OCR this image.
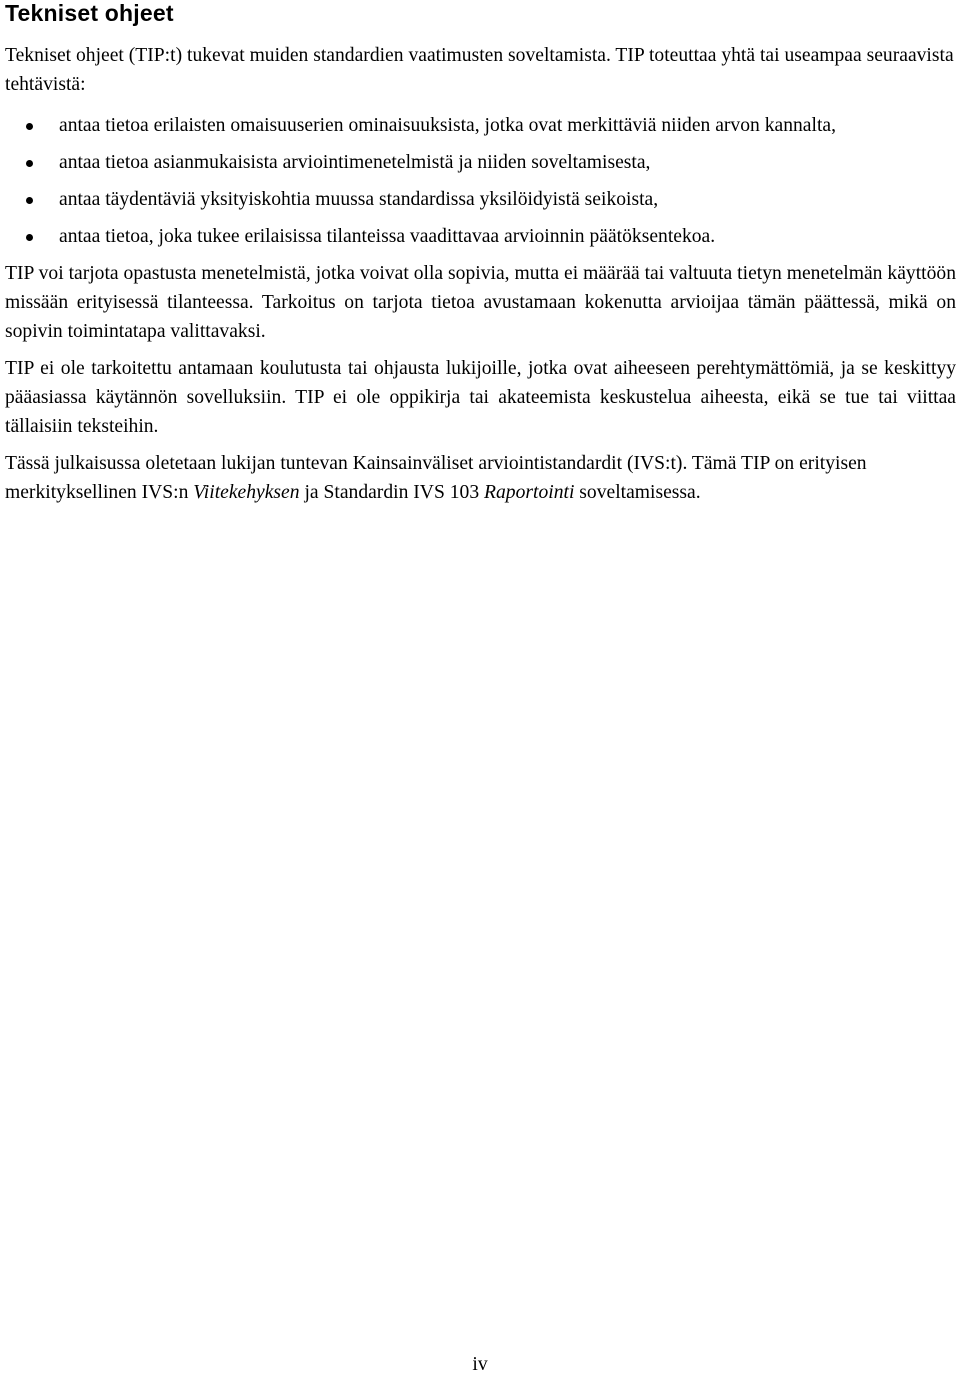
Tekniset ohjeet

Tekniset ohjeet (TIP:t) tukevat muiden standardien vaatimusten soveltamista. TIP toteuttaa yhtä tai useampaa seuraavista tehtävistä:

antaa tietoa erilaisten omaisuuserien ominaisuuksista, jotka ovat merkittäviä niiden arvon kannalta,
antaa tietoa asianmukaisista arviointimenetelmistä ja niiden soveltamisesta,
antaa täydentäviä yksityiskohtia muussa standardissa yksilöidyistä seikoista,
antaa tietoa, joka tukee erilaisissa tilanteissa vaadittavaa arvioinnin päätöksentekoa.

TIP voi tarjota opastusta menetelmistä, jotka voivat olla sopivia, mutta ei määrää tai valtuuta tietyn menetelmän käyttöön missään erityisessä tilanteessa. Tarkoitus on tarjota tietoa avustamaan kokenutta arvioijaa tämän päättessä, mikä on sopivin toimintatapa valittavaksi.

TIP ei ole tarkoitettu antamaan koulutusta tai ohjausta lukijoille, jotka ovat aiheeseen perehtymättömiä, ja se keskittyy pääasiassa käytännön sovelluksiin. TIP ei ole oppikirja tai akateemista keskustelua aiheesta, eikä se tue tai viittaa tällaisiin teksteihin.

Tässä julkaisussa oletetaan lukijan tuntevan Kainsainväliset arviointistandardit (IVS:t). Tämä TIP on erityisen merkityksellinen IVS:n Viitekehyksen ja Standardin IVS 103 Raportointi soveltamisessa.

iv
